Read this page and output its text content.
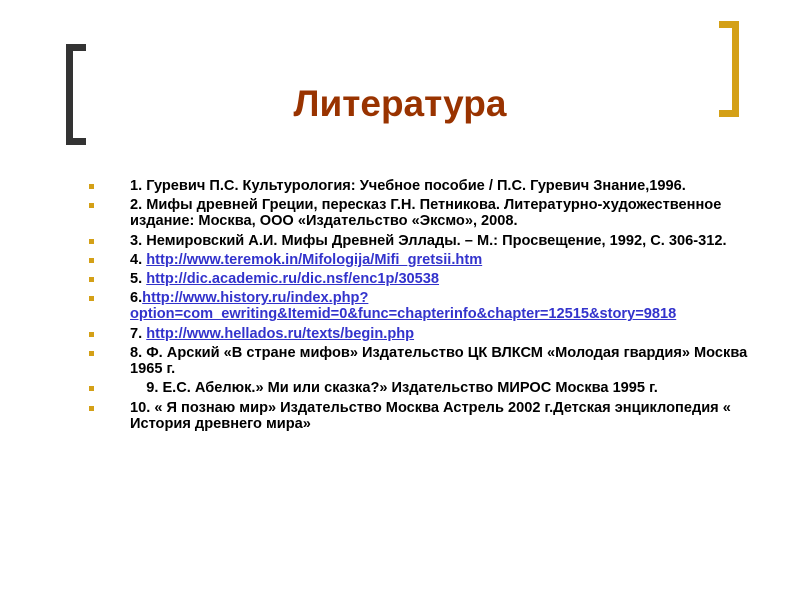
Литература
1. Гуревич П.С. Культурология: Учебное пособие / П.С. Гуревич Знание,1996.
2. Мифы древней Греции, пересказ Г.Н. Петникова. Литературно-художественное издание: Москва, ООО «Издательство «Эксмо», 2008.
3. Немировский А.И. Мифы Древней Эллады. – М.: Просвещение, 1992, С. 306-312.
4. http://www.teremok.in/Mifologija/Mifi_gretsii.htm
5. http://dic.academic.ru/dic.nsf/enc1p/30538
6.http://www.history.ru/index.php?option=com_ewriting&Itemid=0&func=chapterinfo&chapter=12515&story=9818
7. http://www.hellados.ru/texts/begin.php
8. Ф. Арский «В стране мифов» Издательство ЦК ВЛКСМ «Молодая гвардия» Москва 1965 г.
9. Е.С. Абелюк.» Ми или сказка?» Издательство МИРОС Москва 1995 г.
10. « Я познаю мир» Издательство Москва Астрель 2002 г.Детская энциклопедия « История древнего мира»
